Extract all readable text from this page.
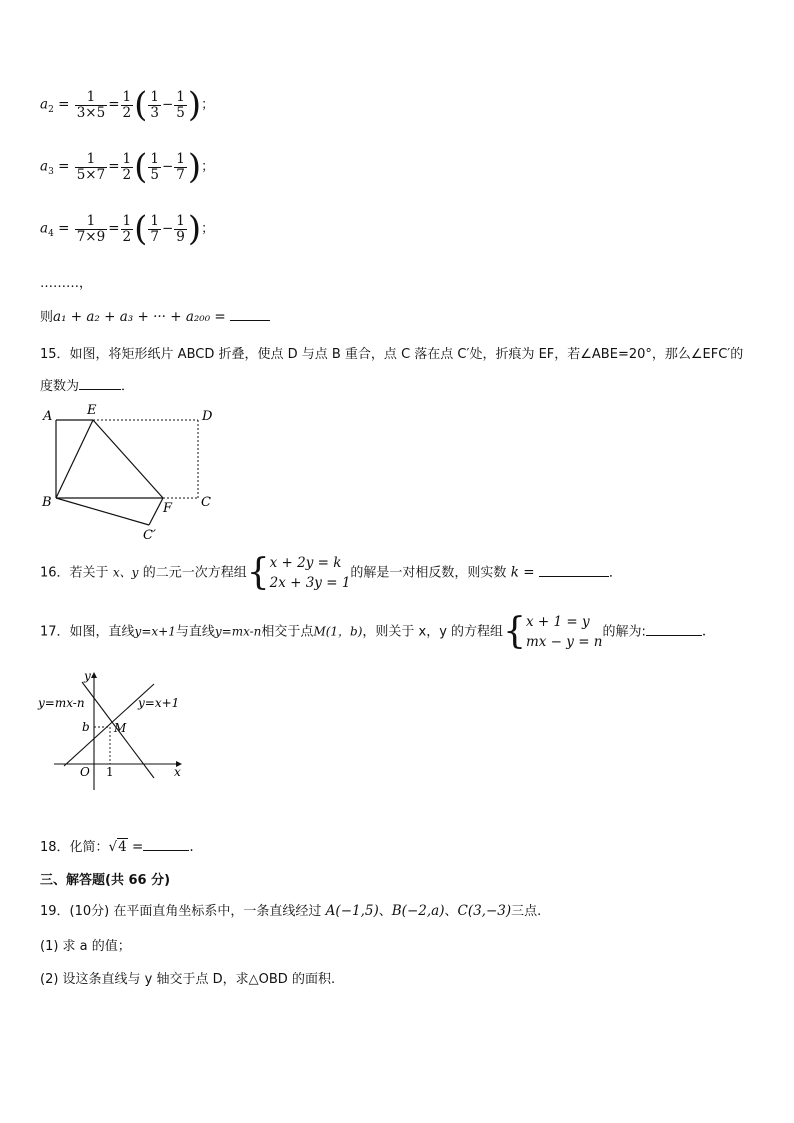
$a_2 = \frac{1}{3\times 5} = \frac{1}{2}$ ( $\frac{1}{3} - \frac{1}{5}$ )；
$a_3 = \frac{1}{5\times 7} = \frac{1}{2}$ ( $\frac{1}{5} - \frac{1}{7}$ )；
$a_4 = \frac{1}{7\times 9} = \frac{1}{2}$ ( $\frac{1}{7} - \frac{1}{9}$ )；
………，
则a₁ + a₂ + a₃ + ··· + a₂₀₀ =
15．如图，将矩形纸片 ABCD 折叠，使点 D 与点 B 重合，点 C 落在点 C′处，折痕为 EF，若∠ABE=20°，那么∠EFC′的
度数为	．
A	E	D
B	F C
C′
16．若关于 x、y 的二元一次方程组{x + 2y = k
2x + 3y = 1的解是一对相反数，则实数 k =	．
17．如图，直线y=x+1与直线y=mx-n相交于点M(1，b)，则关于 x，y 的方程组{x + 1 = y
mx − y = n的解为:	.
y
x
O 1
b M
y=mx-n	y=x+1
18．化简：√4 =	.
三、解答题(共 66 分)
19．(10分) 在平面直角坐标系中，一条直线经过 A(−1,5)、B(−2,a)、C(3,−3)三点.
(1) 求 a 的值；
(2) 设这条直线与 y 轴交于点 D，求△OBD 的面积.
